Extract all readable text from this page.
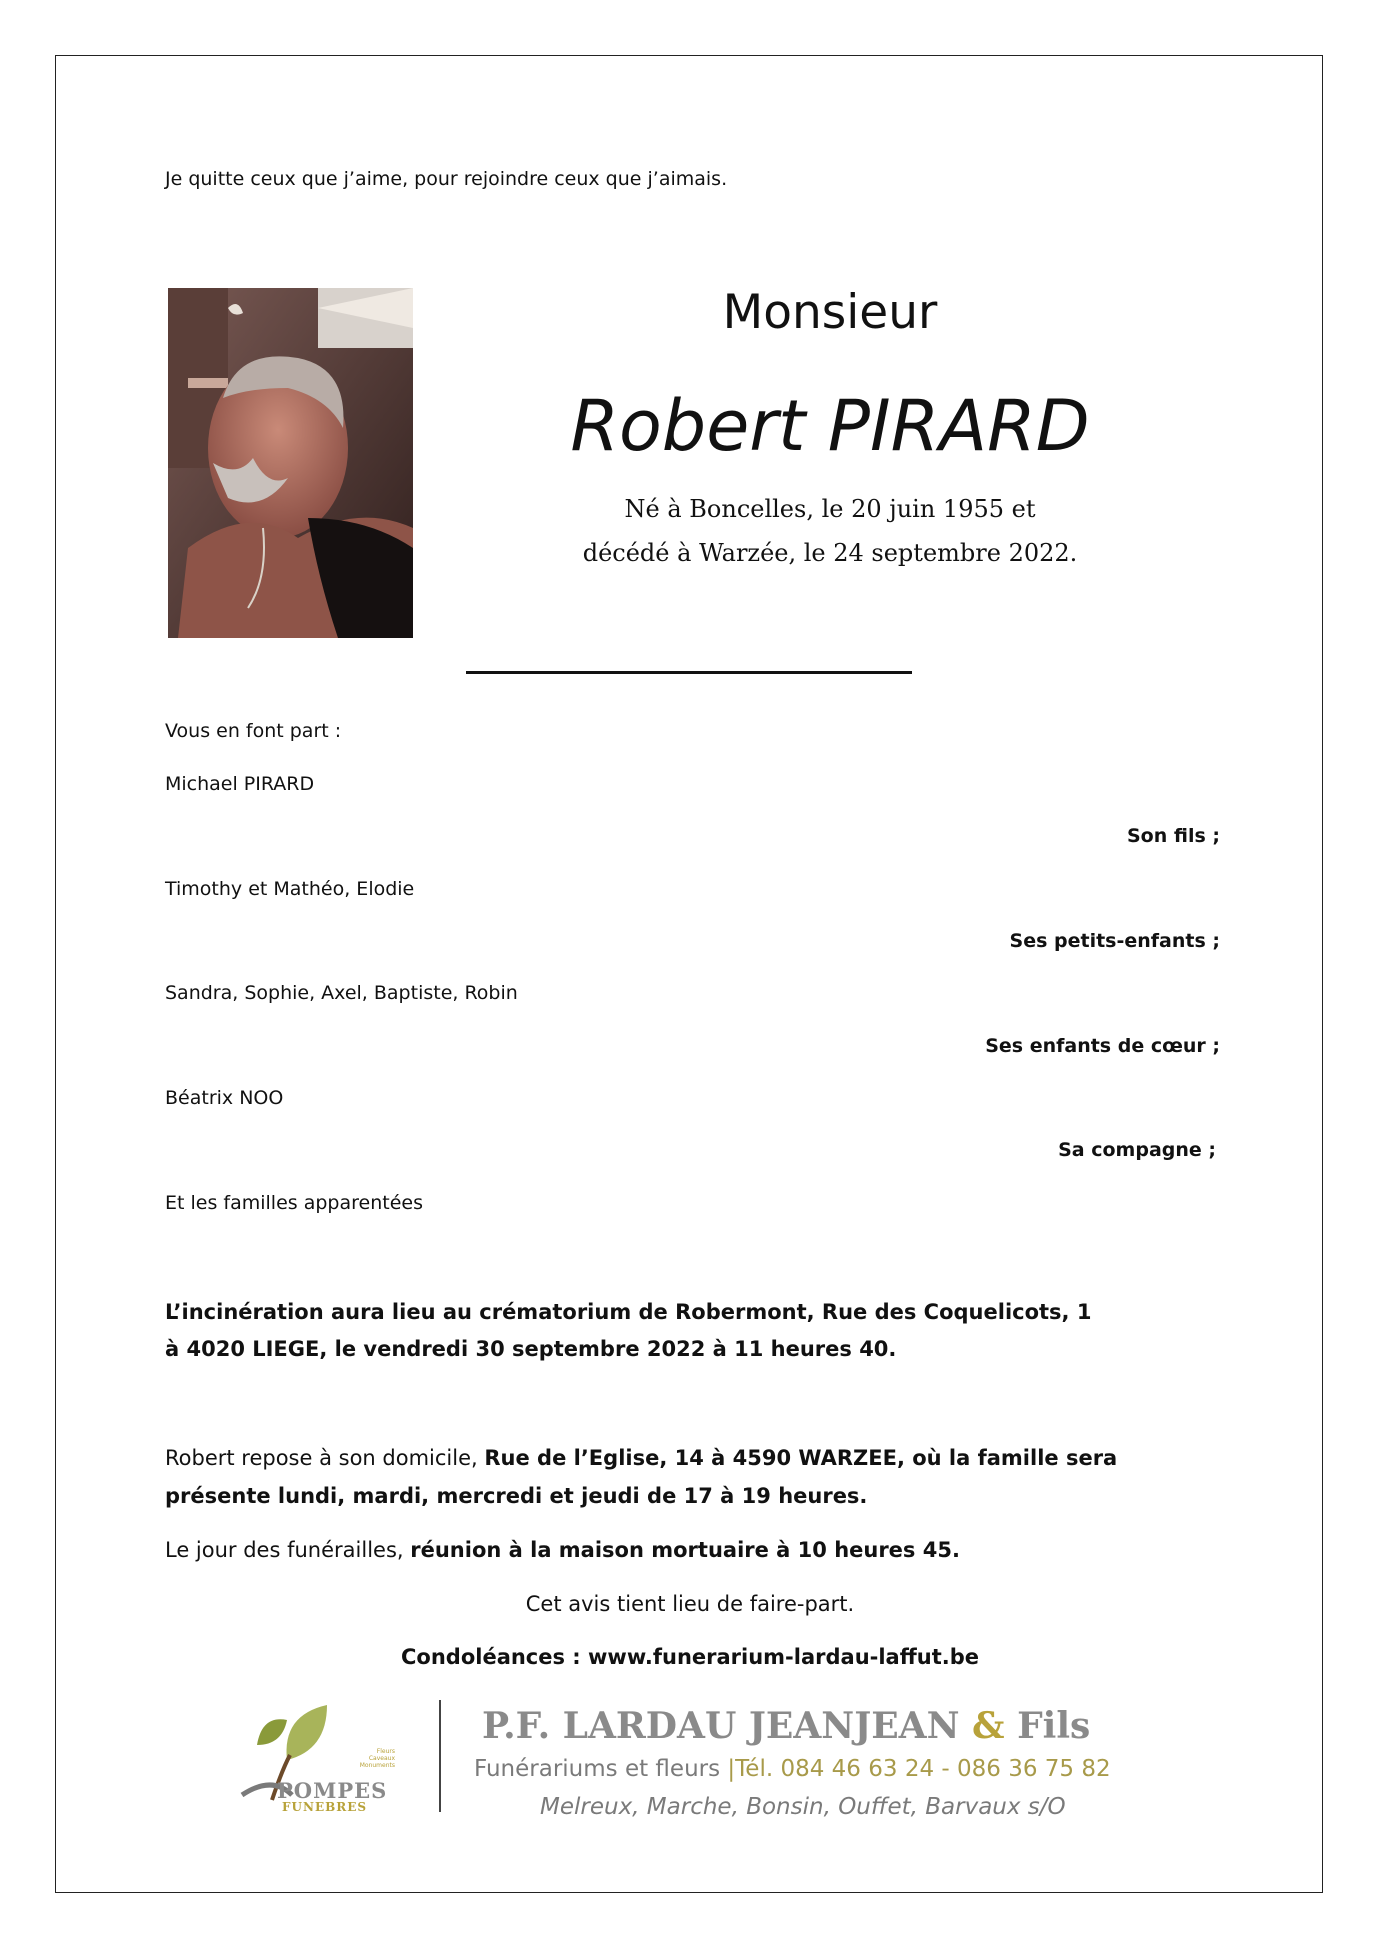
Je quitte ceux que j’aime, pour rejoindre ceux que j’aimais.
Monsieur
Robert PIRARD
Né à Boncelles, le 20 juin 1955 et
décédé à Warzée, le 24 septembre 2022.
Vous en font part :
Michael PIRARD
Son fils ;
Timothy et Mathéo, Elodie
Ses petits-enfants ;
Sandra, Sophie, Axel, Baptiste, Robin
Ses enfants de cœur ;
Béatrix NOO
Sa compagne ;
Et les familles apparentées
L’incinération aura lieu au crématorium de Robermont, Rue des Coquelicots, 1
à 4020 LIEGE, le vendredi 30 septembre 2022 à 11 heures 40.
Robert repose à son domicile, Rue de l’Eglise, 14 à 4590 WARZEE, où la famille sera
présente lundi, mardi, mercredi et jeudi de 17 à 19 heures.
Le jour des funérailles, réunion à la maison mortuaire à 10 heures 45.
Cet avis tient lieu de faire-part.
Condoléances : www.funerarium-lardau-laffut.be
Fleurs
Caveaux
Monuments
POMPES
FUNEBRES
P.F. LARDAU JEANJEAN & Fils
Funérariums et fleurs |Tél. 084 46 63 24 - 086 36 75 82
Melreux, Marche, Bonsin, Ouffet, Barvaux s/O
